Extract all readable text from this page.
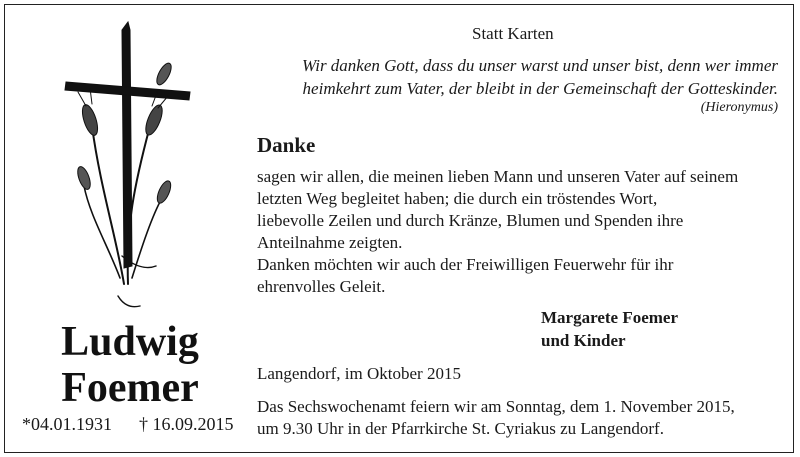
Ludwig
Foemer
*04.01.1931 † 16.09.2015
Statt Karten
Wir danken Gott, dass du unser warst und unser bist, denn wer immer
heimkehrt zum Vater, der bleibt in der Gemeinschaft der Gotteskinder.
(Hieronymus)
Danke
sagen wir allen, die meinen lieben Mann und unseren Vater auf seinem
letzten Weg begleitet haben; die durch ein tröstendes Wort,
liebevolle Zeilen und durch Kränze, Blumen und Spenden ihre
Anteilnahme zeigten.
Danken möchten wir auch der Freiwilligen Feuerwehr für ihr
ehrenvolles Geleit.
Margarete Foemer
und Kinder
Langendorf, im Oktober 2015
Das Sechswochenamt feiern wir am Sonntag, dem 1. November 2015,
um 9.30 Uhr in der Pfarrkirche St. Cyriakus zu Langendorf.
